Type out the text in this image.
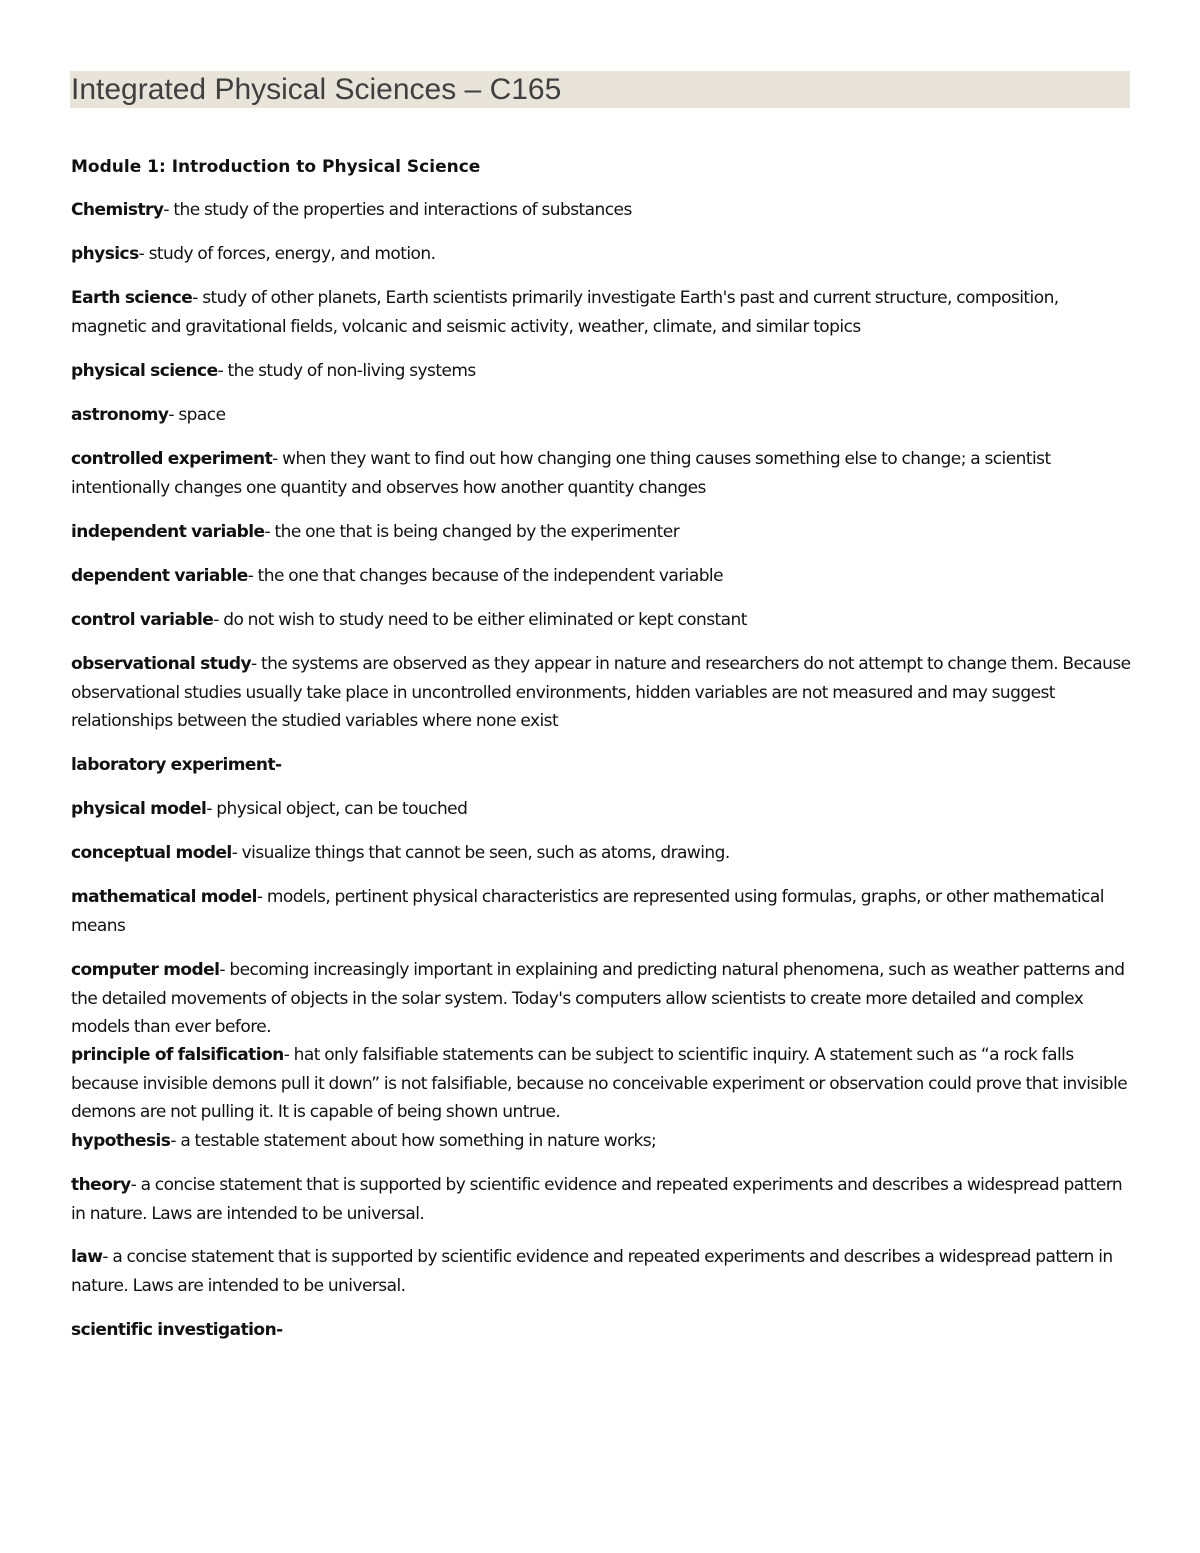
Integrated Physical Sciences – C165
Module 1: Introduction to Physical Science

Chemistry- the study of the properties and interactions of substances

physics- study of forces, energy, and motion.

Earth science- study of other planets, Earth scientists primarily investigate Earth's past and current structure, composition, magnetic and gravitational fields, volcanic and seismic activity, weather, climate, and similar topics

physical science- the study of non-living systems

astronomy- space

controlled experiment- when they want to find out how changing one thing causes something else to change; a scientist intentionally changes one quantity and observes how another quantity changes

independent variable- the one that is being changed by the experimenter

dependent variable- the one that changes because of the independent variable

control variable- do not wish to study need to be either eliminated or kept constant

observational study- the systems are observed as they appear in nature and researchers do not attempt to change them. Because observational studies usually take place in uncontrolled environments, hidden variables are not measured and may suggest relationships between the studied variables where none exist

laboratory experiment-

physical model- physical object, can be touched

conceptual model- visualize things that cannot be seen, such as atoms, drawing.

mathematical model- models, pertinent physical characteristics are represented using formulas, graphs, or other mathematical means

computer model- becoming increasingly important in explaining and predicting natural phenomena, such as weather patterns and the detailed movements of objects in the solar system. Today's computers allow scientists to create more detailed and complex models than ever before.

principle of falsification- hat only falsifiable statements can be subject to scientific inquiry. A statement such as “a rock falls because invisible demons pull it down” is not falsifiable, because no conceivable experiment or observation could prove that invisible demons are not pulling it. It is capable of being shown untrue.

hypothesis- a testable statement about how something in nature works;

theory- a concise statement that is supported by scientific evidence and repeated experiments and describes a widespread pattern in nature. Laws are intended to be universal.

law- a concise statement that is supported by scientific evidence and repeated experiments and describes a widespread pattern in nature. Laws are intended to be universal.

scientific investigation-
